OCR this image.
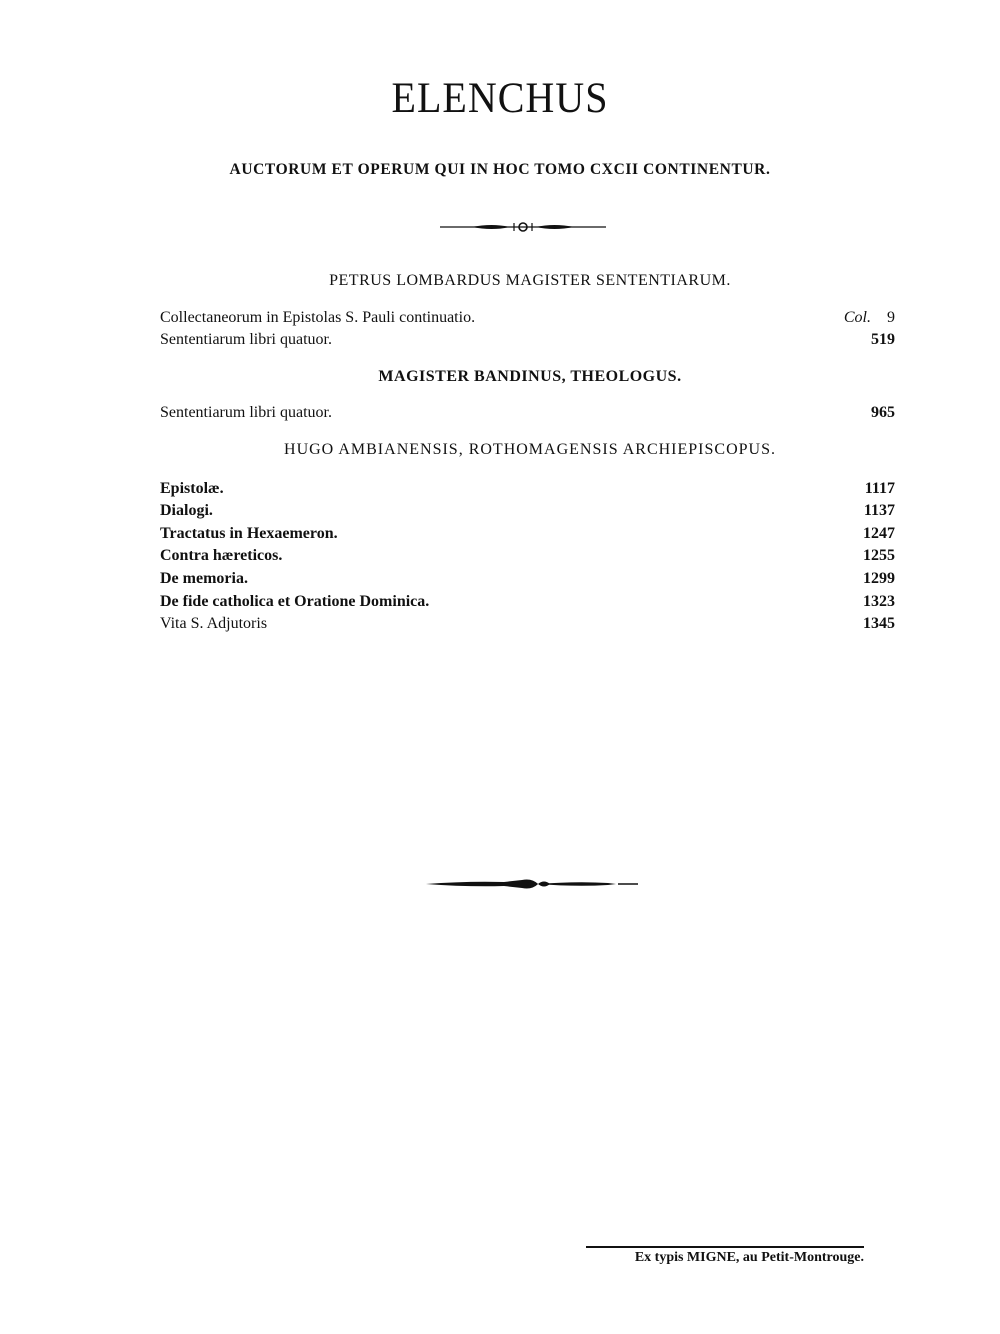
ELENCHUS
AUCTORUM ET OPERUM QUI IN HOC TOMO CXCII CONTINENTUR.
PETRUS LOMBARDUS MAGISTER SENTENTIARUM.
Collectaneorum in Epistolas S. Pauli continuatio.	Col. 9
Sententiarum libri quatuor.	519
MAGISTER BANDINUS, THEOLOGUS.
Sententiarum libri quatuor.	965
HUGO AMBIANENSIS, ROTHOMAGENSIS ARCHIEPISCOPUS.
Epistolæ.	1117
Dialogi.	1137
Tractatus in Hexaemeron.	1247
Contra hæreticos.	1255
De memoria.	1299
De fide catholica et Oratione Dominica.	1323
Vita S. Adjutoris	1345
Ex typis MIGNE, au Petit-Montrouge.
